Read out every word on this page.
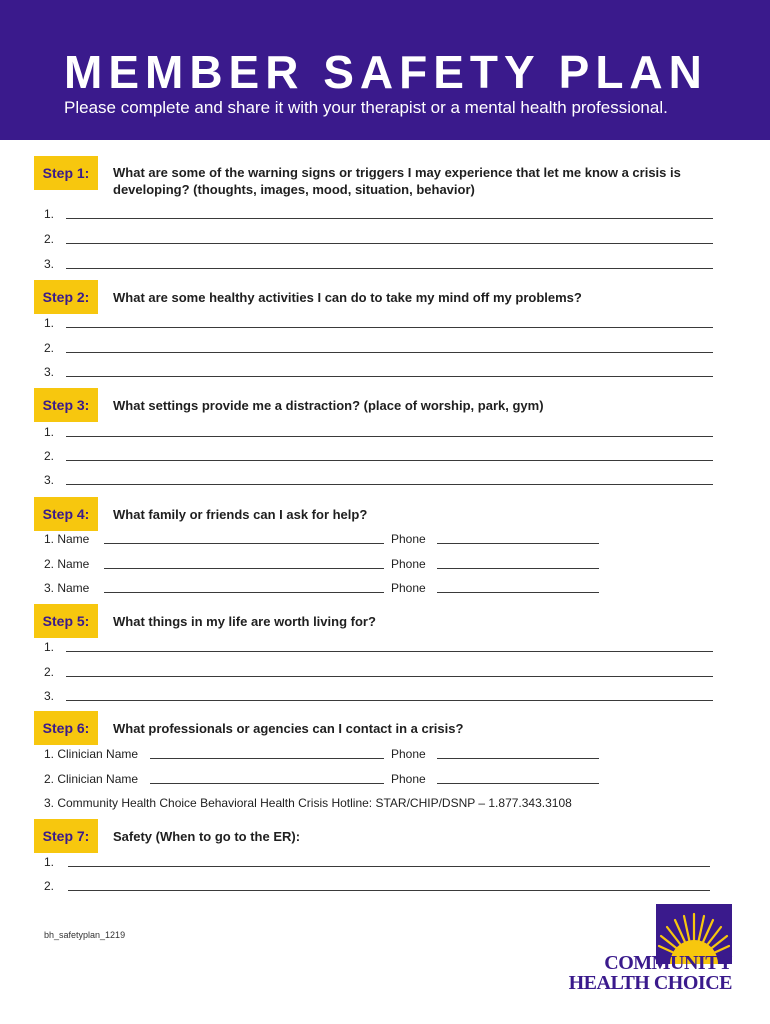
MEMBER SAFETY PLAN
Please complete and share it with your therapist or a mental health professional.
Step 1:	What are some of the warning signs or triggers I may experience that let me know a crisis is developing? (thoughts, images, mood, situation, behavior)
1.
2.
3.
Step 2:	What are some healthy activities I can do to take my mind off my problems?
1.
2.
3.
Step 3:	What settings provide me a distraction? (place of worship, park, gym)
1.
2.
3.
Step 4:	What family or friends can I ask for help?
1. Name	Phone
2. Name	Phone
3. Name	Phone
Step 5:	What things in my life are worth living for?
1.
2.
3.
Step 6:	What professionals or agencies can I contact in a crisis?
1. Clinician Name	Phone
2. Clinician Name	Phone
3. Community Health Choice Behavioral Health Crisis Hotline: STAR/CHIP/DSNP – 1.877.343.3108
Step 7:	Safety (When to go to the ER):
1.
2.
bh_safetyplan_1219
COMMUNITY
HEALTH CHOICE
